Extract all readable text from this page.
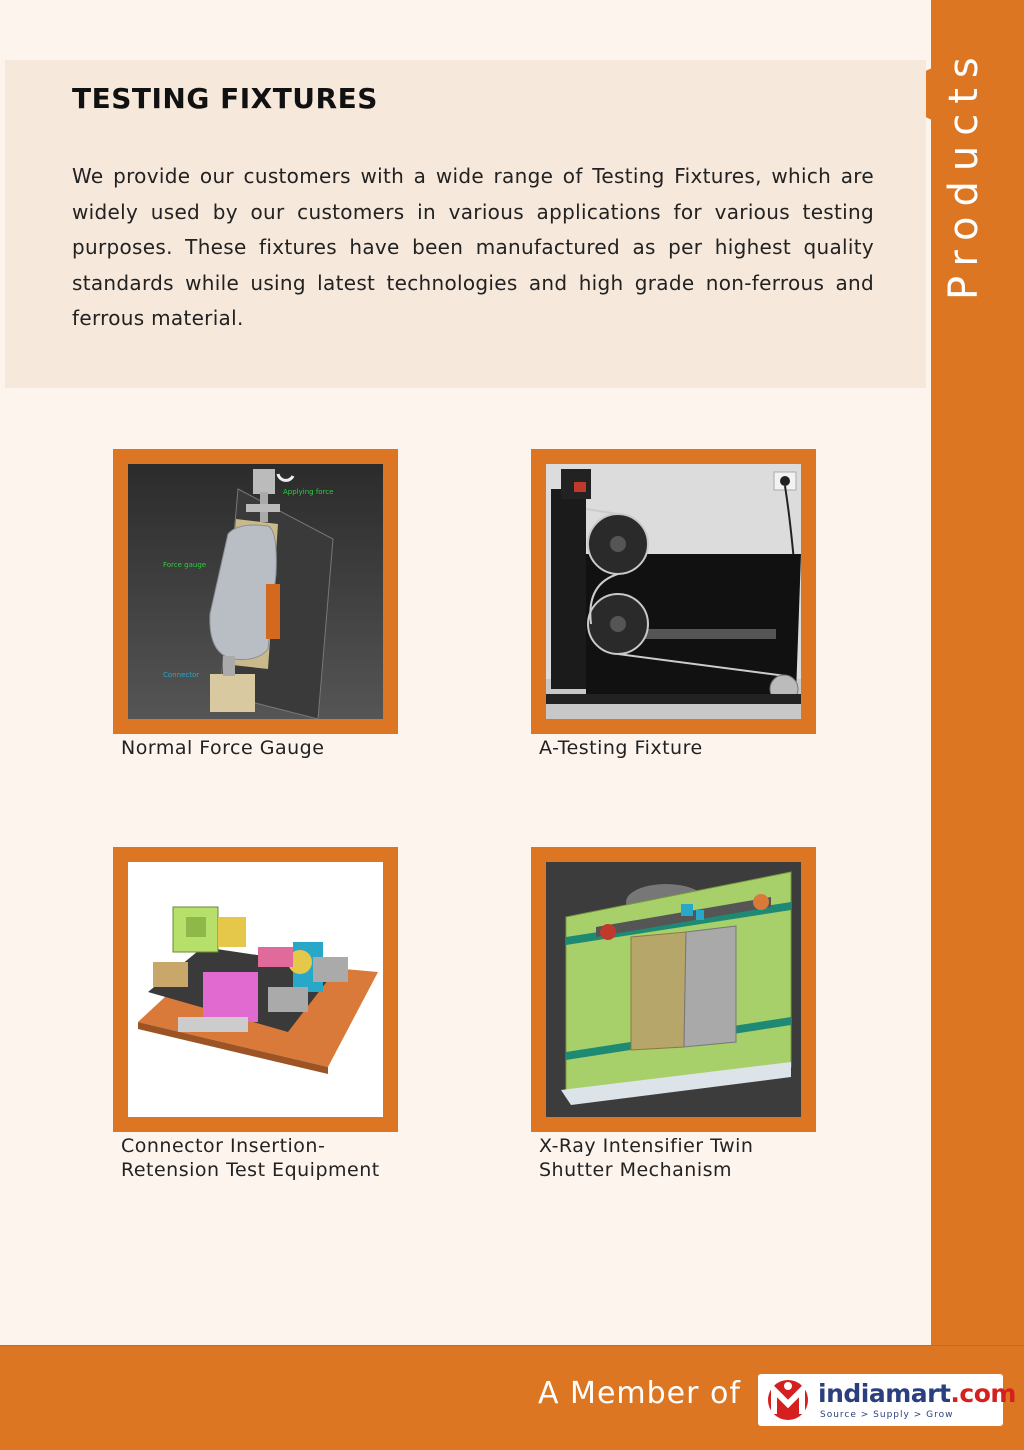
TESTING FIXTURES

We provide our customers with a wide range of Testing Fixtures, which are widely used by our customers in various applications for various testing purposes. These fixtures have been manufactured as per highest quality standards while using latest technologies and high grade non-ferrous and ferrous material.

Applying force
Force gauge
Connector
Normal Force Gauge	A-Testing Fixture
Connector Insertion-
Retension Test Equipment
X-Ray Intensifier Twin
Shutter Mechanism
A Member of	indiamart.com
Source > Supply > Grow
